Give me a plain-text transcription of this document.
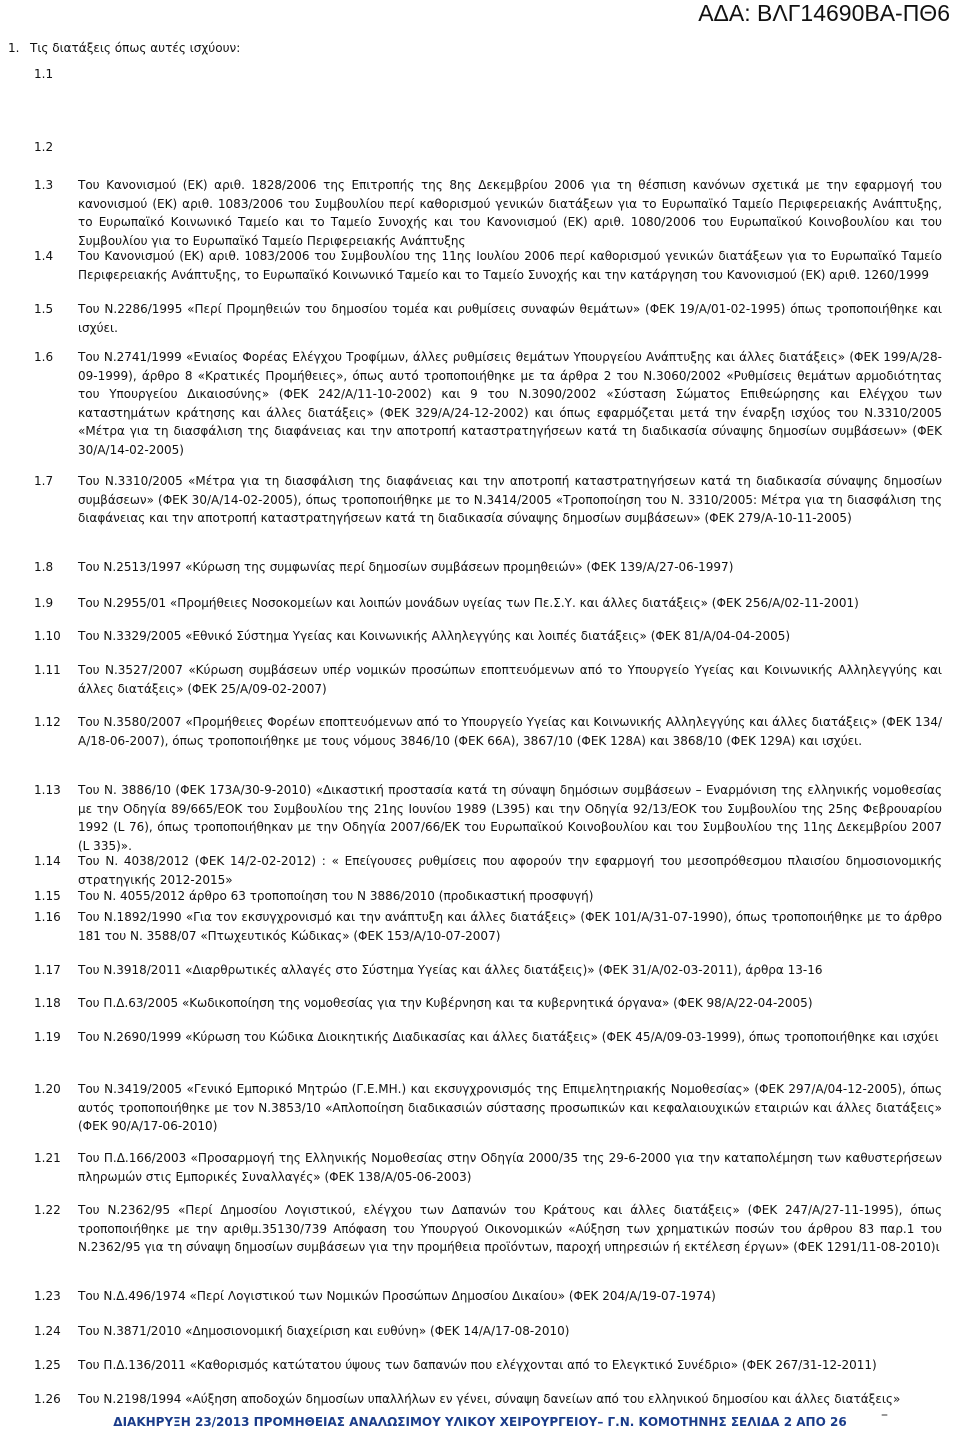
ΑΔΑ: ΒΛΓ14690ΒΑ-ΠΘ6
1. Τις διατάξεις όπως αυτές ισχύουν:
1.1
1.2
1.3 Του Κανονισμού (ΕΚ) αριθ. 1828/2006 της Επιτροπής της 8ης Δεκεμβρίου 2006 για τη θέσπιση κανόνων σχετικά με την εφαρμογή του κανονισμού (ΕΚ) αριθ. 1083/2006 του Συμβουλίου περί καθορισμού γενικών διατάξεων για το Ευρωπαϊκό Ταμείο Περιφερειακής Ανάπτυξης, το Ευρωπαϊκό Κοινωνικό Ταμείο και το Ταμείο Συνοχής και του Κανονισμού (ΕΚ) αριθ. 1080/2006 του Ευρωπαϊκού Κοινοβουλίου και του Συμβουλίου για το Ευρωπαϊκό Ταμείο Περιφερειακής Ανάπτυξης
1.4 Του Κανονισμού (ΕΚ) αριθ. 1083/2006 του Συμβουλίου της 11ης Ιουλίου 2006 περί καθορισμού γενικών διατάξεων για το Ευρωπαϊκό Ταμείο Περιφερειακής Ανάπτυξης, το Ευρωπαϊκό Κοινωνικό Ταμείο και το Ταμείο Συνοχής και την κατάργηση του Κανονισμού (ΕΚ) αριθ. 1260/1999
1.5 Του Ν.2286/1995 «Περί Προμηθειών του δημοσίου τομέα και ρυθμίσεις συναφών θεμάτων» (ΦΕΚ 19/Α/01-02-1995) όπως τροποποιήθηκε και ισχύει.
1.6 Του Ν.2741/1999 «Ενιαίος Φορέας Ελέγχου Τροφίμων, άλλες ρυθμίσεις θεμάτων Υπουργείου Ανάπτυξης και άλλες διατάξεις» (ΦΕΚ 199/Α/28-09-1999), άρθρο 8 «Κρατικές Προμήθειες», όπως αυτό τροποποιήθηκε με τα άρθρα 2 του Ν.3060/2002 «Ρυθμίσεις θεμάτων αρμοδιότητας του Υπουργείου Δικαιοσύνης» (ΦΕΚ 242/Α/11-10-2002) και 9 του Ν.3090/2002 «Σύσταση Σώματος Επιθεώρησης και Ελέγχου των καταστημάτων κράτησης και άλλες διατάξεις» (ΦΕΚ 329/Α/24-12-2002) και όπως εφαρμόζεται μετά την έναρξη ισχύος του Ν.3310/2005 «Μέτρα για τη διασφάλιση της διαφάνειας και την αποτροπή καταστρατηγήσεων κατά τη διαδικασία σύναψης δημοσίων συμβάσεων» (ΦΕΚ 30/Α/14-02-2005)
1.7 Του Ν.3310/2005 «Μέτρα για τη διασφάλιση της διαφάνειας και την αποτροπή καταστρατηγήσεων κατά τη διαδικασία σύναψης δημοσίων συμβάσεων» (ΦΕΚ 30/Α/14-02-2005), όπως τροποποιήθηκε με το Ν.3414/2005 «Τροποποίηση του Ν. 3310/2005: Μέτρα για τη διασφάλιση της διαφάνειας και την αποτροπή καταστρατηγήσεων κατά τη διαδικασία σύναψης δημοσίων συμβάσεων» (ΦΕΚ 279/Α-10-11-2005)
1.8 Του Ν.2513/1997 «Κύρωση της συμφωνίας περί δημοσίων συμβάσεων προμηθειών» (ΦΕΚ 139/Α/27-06-1997)
1.9 Του Ν.2955/01 «Προμήθειες Νοσοκομείων και λοιπών μονάδων υγείας των Πε.Σ.Υ. και άλλες διατάξεις» (ΦΕΚ 256/Α/02-11-2001)
1.10 Του Ν.3329/2005 «Εθνικό Σύστημα Υγείας και Κοινωνικής Αλληλεγγύης και λοιπές διατάξεις» (ΦΕΚ 81/Α/04-04-2005)
1.11 Του Ν.3527/2007 «Κύρωση συμβάσεων υπέρ νομικών προσώπων εποπτευόμενων από το Υπουργείο Υγείας και Κοινωνικής Αλληλεγγύης και άλλες διατάξεις» (ΦΕΚ 25/Α/09-02-2007)
1.12 Του Ν.3580/2007 «Προμήθειες Φορέων εποπτευόμενων από το Υπουργείο Υγείας και Κοινωνικής Αλληλεγγύης και άλλες διατάξεις» (ΦΕΚ 134/Α/18-06-2007), όπως τροποποιήθηκε με τους νόμους 3846/10 (ΦΕΚ 66Α), 3867/10 (ΦΕΚ 128Α) και 3868/10 (ΦΕΚ 129Α) και ισχύει.
1.13 Του Ν. 3886/10 (ΦΕΚ 173Α/30-9-2010) «Δικαστική προστασία κατά τη σύναψη δημόσιων συμβάσεων – Εναρμόνιση της ελληνικής νομοθεσίας με την Οδηγία 89/665/ΕΟΚ του Συμβουλίου της 21ης Ιουνίου 1989 (L395) και την Οδηγία 92/13/ΕΟΚ του Συμβουλίου της 25ης Φεβρουαρίου 1992 (L 76), όπως τροποποιήθηκαν με την Οδηγία 2007/66/ΕΚ του Ευρωπαϊκού Κοινοβουλίου και του Συμβουλίου της 11ης Δεκεμβρίου 2007 (L 335)».
1.14 Του Ν. 4038/2012 (ΦΕΚ 14/2-02-2012) : « Επείγουσες ρυθμίσεις που αφορούν την εφαρμογή του μεσοπρόθεσμου πλαισίου δημοσιονομικής στρατηγικής 2012-2015»
1.15 Του Ν. 4055/2012 άρθρο 63 τροποποίηση του Ν 3886/2010 (προδικαστική προσφυγή)
1.16 Του Ν.1892/1990 «Για τον εκσυγχρονισμό και την ανάπτυξη και άλλες διατάξεις» (ΦΕΚ 101/Α/31-07-1990), όπως τροποποιήθηκε με το άρθρο 181 του Ν. 3588/07 «Πτωχευτικός Κώδικας» (ΦΕΚ 153/Α/10-07-2007)
1.17 Του Ν.3918/2011 «Διαρθρωτικές αλλαγές στο Σύστημα Υγείας και άλλες διατάξεις)» (ΦΕΚ 31/Α/02-03-2011), άρθρα 13-16
1.18 Του Π.Δ.63/2005 «Κωδικοποίηση της νομοθεσίας για την Κυβέρνηση και τα κυβερνητικά όργανα» (ΦΕΚ 98/Α/22-04-2005)
1.19 Του Ν.2690/1999 «Κύρωση του Κώδικα Διοικητικής Διαδικασίας και άλλες διατάξεις» (ΦΕΚ 45/Α/09-03-1999), όπως τροποποιήθηκε και ισχύει
1.20 Του Ν.3419/2005 «Γενικό Εμπορικό Μητρώο (Γ.Ε.ΜΗ.) και εκσυγχρονισμός της Επιμελητηριακής Νομοθεσίας» (ΦΕΚ 297/Α/04-12-2005), όπως αυτός τροποποιήθηκε με τον Ν.3853/10 «Απλοποίηση διαδικασιών σύστασης προσωπικών και κεφαλαιουχικών εταιριών και άλλες διατάξεις» (ΦΕΚ 90/Α/17-06-2010)
1.21 Του Π.Δ.166/2003 «Προσαρμογή της Ελληνικής Νομοθεσίας στην Οδηγία 2000/35 της 29-6-2000 για την καταπολέμηση των καθυστερήσεων πληρωμών στις Εμπορικές Συναλλαγές» (ΦΕΚ 138/Α/05-06-2003)
1.22 Του Ν.2362/95 «Περί Δημοσίου Λογιστικού, ελέγχου των Δαπανών του Κράτους και άλλες διατάξεις» (ΦΕΚ 247/Α/27-11-1995), όπως τροποποιήθηκε με την αριθμ.35130/739 Απόφαση του Υπουργού Οικονομικών «Αύξηση των χρηματικών ποσών του άρθρου 83 παρ.1 του Ν.2362/95 για τη σύναψη δημοσίων συμβάσεων για την προμήθεια προϊόντων, παροχή υπηρεσιών ή εκτέλεση έργων» (ΦΕΚ 1291/11-08-2010)ι
1.23 Του Ν.Δ.496/1974 «Περί Λογιστικού των Νομικών Προσώπων Δημοσίου Δικαίου» (ΦΕΚ 204/Α/19-07-1974)
1.24 Του Ν.3871/2010 «Δημοσιονομική διαχείριση και ευθύνη» (ΦΕΚ 14/Α/17-08-2010)
1.25 Του Π.Δ.136/2011 «Καθορισμός κατώτατου ύψους των δαπανών που ελέγχονται από το Ελεγκτικό Συνέδριο» (ΦΕΚ 267/31-12-2011)
1.26 Του Ν.2198/1994 «Αύξηση αποδοχών δημοσίων υπαλλήλων εν γένει, σύναψη δανείων από του ελληνικού δημοσίου και άλλες διατάξεις»
ΔΙΑΚΗΡΥΞΗ 23/2013 ΠΡΟΜΗΘΕΙΑΣ ΑΝΑΛΩΣΙΜΟΥ ΥΛΙΚΟΥ ΧΕΙΡΟΥΡΓΕΙΟΥ– Γ.Ν. ΚΟΜΟΤΗΝΗΣ ΣΕΛΙΔΑ 2 ΑΠΟ 26	–
